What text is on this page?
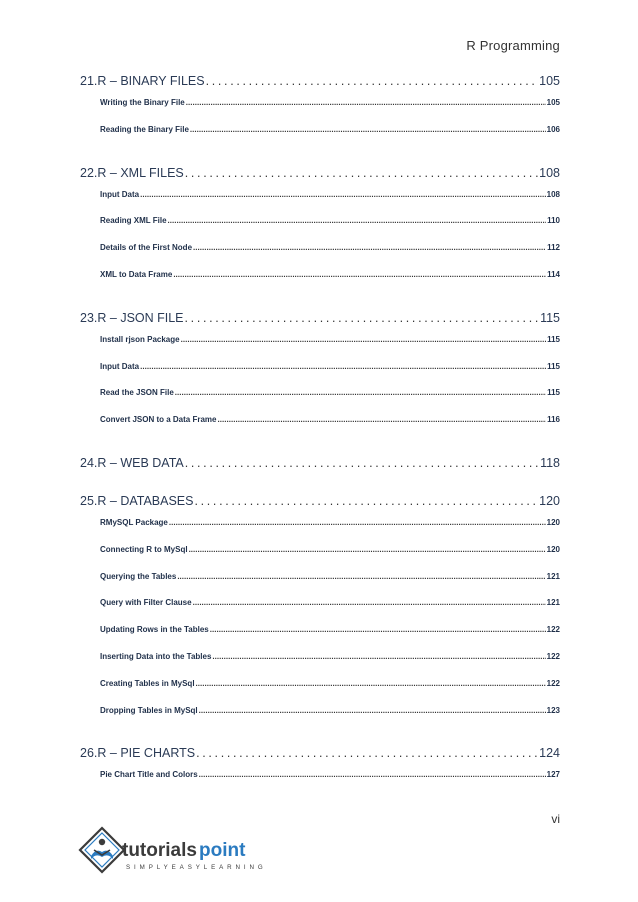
R Programming
21. R – BINARY FILES . . .	105
Writing the Binary File . . .	105
Reading the Binary File . . .	106
22. R – XML FILES . . .	108
Input Data . . .	108
Reading XML File . . .	110
Details of the First Node . . .	112
XML to Data Frame . . .	114
23. R – JSON FILE . . .	115
Install rjson Package . . .	115
Input Data . . .	115
Read the JSON File . . .	115
Convert JSON to a Data Frame . . .	116
24. R – WEB DATA . . .	118
25. R – DATABASES . . .	120
RMySQL Package . . .	120
Connecting R to MySql . . .	120
Querying the Tables . . .	121
Query with Filter Clause . . .	121
Updating Rows in the Tables . . .	122
Inserting Data into the Tables . . .	122
Creating Tables in MySql . . .	122
Dropping Tables in MySql . . .	123
26. R – PIE CHARTS . . .	124
Pie Chart Title and Colors . . .	127
vi
tutorials point
SIMPLYEASYLEARNING
